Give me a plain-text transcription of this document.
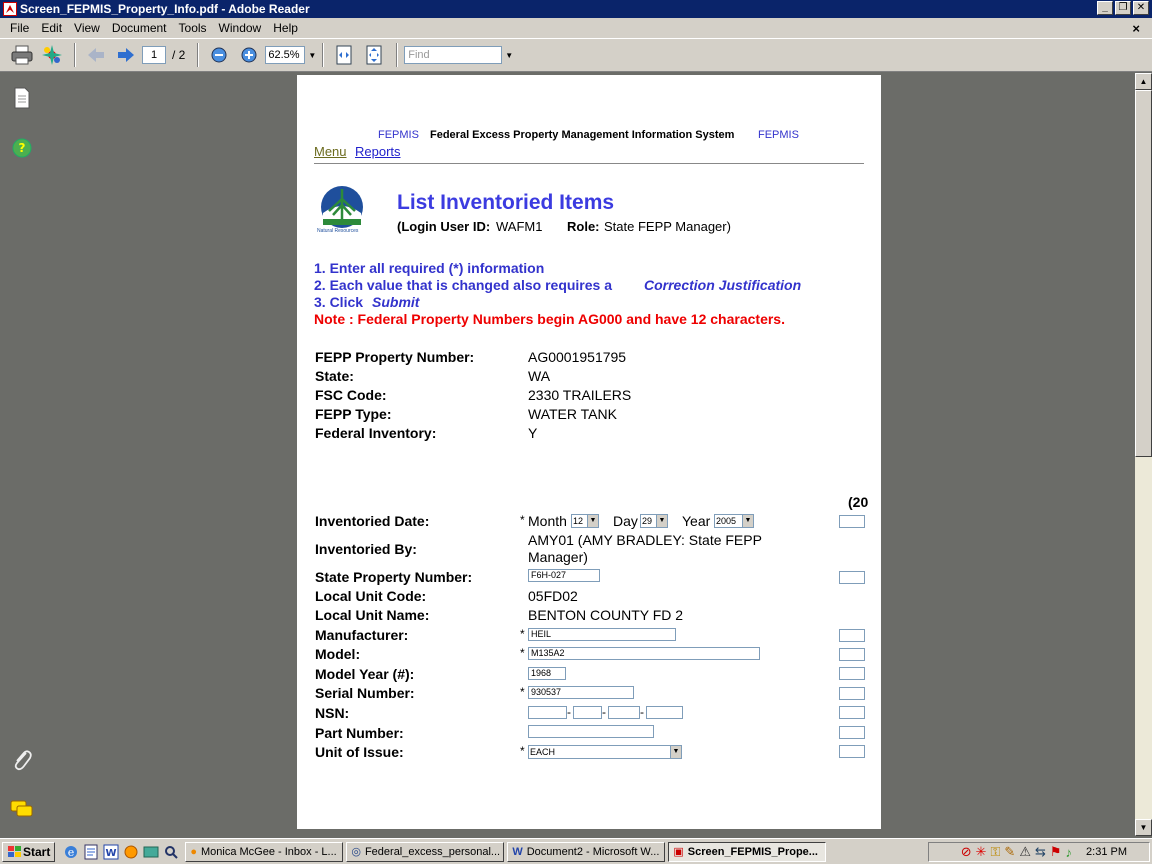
Screen_FEPMIS_Property_Info.pdf - Adobe Reader	_	❐ ✕
File	Edit	View	Document	Tools	Window	Help	×
1	/ 2	62.5%	▼	Find	▼
?
FEPMIS Federal Excess Property Management Information System FEPMIS
Menu Reports
Natural Resources
List Inventoried Items
(Login User ID: WAFM1 Role: State FEPP Manager)
1. Enter all required (*) information
2. Each value that is changed also requires a Correction Justification
3. Click Submit
Note : Federal Property Numbers begin AG000 and have 12 characters.
FEPP Property Number:	AG0001951795
State:	WA
FSC Code:	2330 TRAILERS
FEPP Type:	WATER TANK
Federal Inventory:	Y
(20
Inventoried Date:	* Month 12 ▼ Day 29 ▼ Year 2005	▼
Inventoried By:
AMY01 (AMY BRADLEY: State FEPP
Manager)
State Property Number:	F6H-027
Local Unit Code:	05FD02
Local Unit Name:	BENTON COUNTY FD 2
Manufacturer:	* HEIL
Model:	* M135A2
Model Year (#):	1968
Serial Number:	* 930537
NSN:	-	-	-
Part Number:
Unit of Issue:	* EACH	▼
▲
▼
Start e	W	● Monica McGee - Inbox - L... ◎ Federal_excess_personal... W Document2 - Microsoft W... ▣ Screen_FEPMIS_Prope...	⊘ ✳ ⚿ ✎ ⚠ ⇆ ⚑ ♪ 2:31 PM
